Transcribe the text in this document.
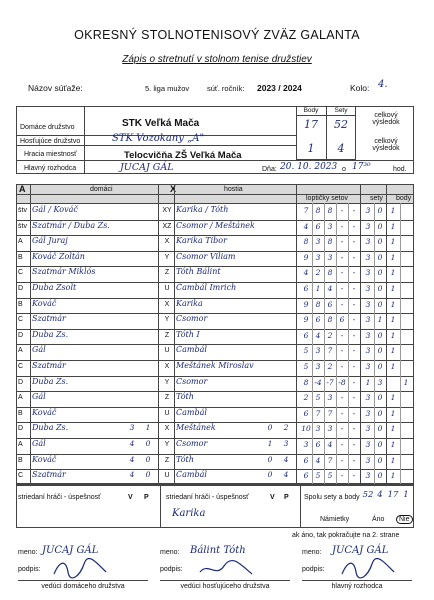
OKRESNÝ STOLNOTENISOVÝ ZVÄZ GALANTA
Zápis o stretnutí v stolnom tenise družstiev
Názov súťaže:	5. liga mužov súť. ročník: 2023 / 2024	Kolo: 4.
Domáce družstvo	STK Veľká Mača
Hosťujúce družstvo	STK Vozokany „A"
Body	Sety
17	52
1	4
celkový výsledok
celkový výsledok
Hracia miestnosť	Telocvičňa ZŠ Veľká Mača
Hlavný rozhodca	JUCAJ GÁL	Dňa: 20. 10. 2023 o 17³⁰	hod.
A	domáci	X	hostia
loptičky setov	sety body
štv Gál / Kováč	XY Karika / Tóth	7 8 8	-	-	3 0	1
štv Szatmár / Duba Zs.	XZ Csomor / Meštánek	4 6 3	-	-	3 0	1
A Gál Juraj	X Karika Tibor	8 3 8	-	-	3 0	1
B Kováč Zoltán	Y Csomor Viliam	9 3 3	-	-	3 0	1
C Szatmár Miklós	Z Tóth Bálint	4 2 8	-	-	3 0	1
D Duba Zsolt	U Čambál Imrich	6 1 4	-	-	3 0	1
B Kováč	X Karika	9 8 6	-	-	3 0	1
C Szatmár	Y Csomor	9 6 8 6	-	3 1	1
D Duba Zs.	Z Tóth I	6 4 2	-	-	3 0	1
A Gál	U Čambál	5 3 7	-	-	3 0	1
C Szatmár	X Meštánek Miroslav	5 3 2	-	-	3 0	1
D Duba Zs.	Y Csomor	8 -4 -7 -8 -	1 3	1
A Gál	Z Tóth	2 5 3	-	-	3 0	1
B Kováč	U Čambál	6 7 7	-	-	3 0	1
D Duba Zs.	3	1	X Meštánek	0	2	10 3 3	-	-	3 0	1
A Gál	4	0	Y Csomor	1	3	3 6 4	-	-	3 0	1
B Kováč	4	0	Z Tóth	0	4	6 4 7	-	-	3 0	1
C Szatmár	4	0	U Čambál	0	4	6 5 5	-	-	3 0	1
striedaní hráči - úspešnosť	V P striedaní hráči - úspešnosť
Karika
V P Spolu sety a body 52 4 17 1
Námietky	Áno	Nie
ak áno, tak pokračujte na 2. strane
meno: JUCAJ GÁL	meno: Bálint Tóth	meno: JUCAJ GÁL
podpis:	podpis:	podpis:
vedúci domáceho družstva	vedúci hosťujúceho družstva	hlavný rozhodca
